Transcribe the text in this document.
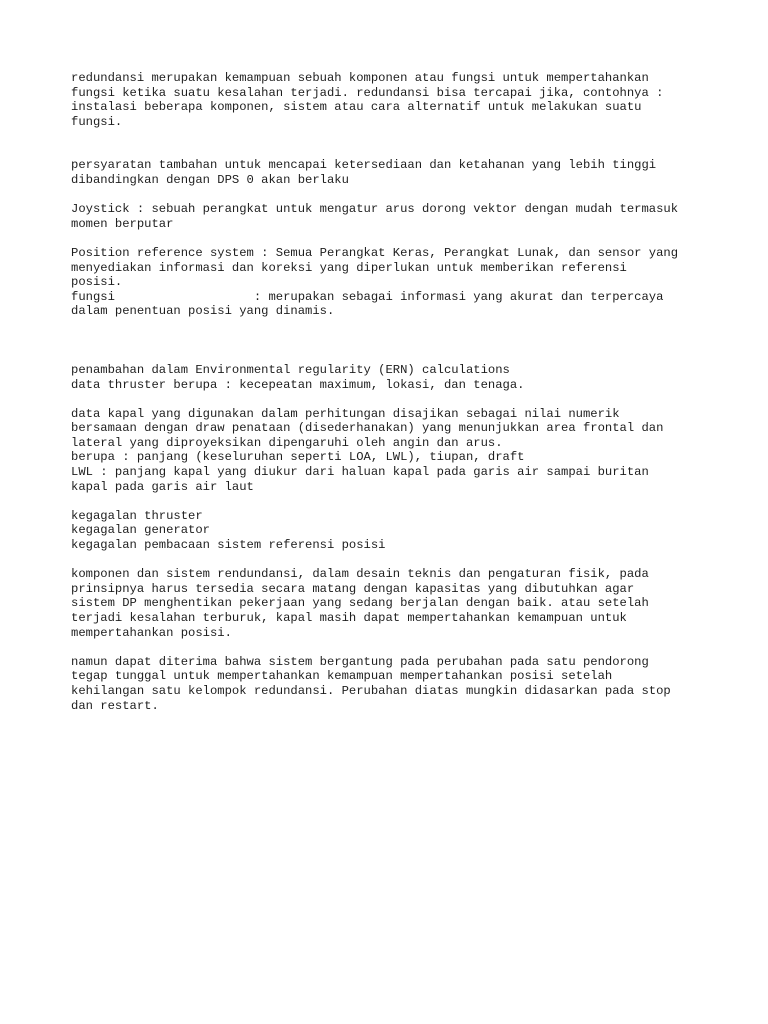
redundansi merupakan kemampuan sebuah komponen atau fungsi untuk mempertahankan
fungsi ketika suatu kesalahan terjadi. redundansi bisa tercapai jika, contohnya :
instalasi beberapa komponen, sistem atau cara alternatif untuk melakukan suatu
fungsi.

persyaratan tambahan untuk mencapai ketersediaan dan ketahanan yang lebih tinggi
dibandingkan dengan DPS 0 akan berlaku

Joystick : sebuah perangkat untuk mengatur arus dorong vektor dengan mudah termasuk
momen berputar

Position reference system : Semua Perangkat Keras, Perangkat Lunak, dan sensor yang
menyediakan informasi dan koreksi yang diperlukan untuk memberikan referensi
posisi.
fungsi                   : merupakan sebagai informasi yang akurat dan terpercaya
dalam penentuan posisi yang dinamis.

penambahan dalam Environmental regularity (ERN) calculations
data thruster berupa : kecepeatan maximum, lokasi, dan tenaga.

data kapal yang digunakan dalam perhitungan disajikan sebagai nilai numerik
bersamaan dengan draw penataan (disederhanakan) yang menunjukkan area frontal dan
lateral yang diproyeksikan dipengaruhi oleh angin dan arus.
berupa : panjang (keseluruhan seperti LOA, LWL), tiupan, draft
LWL : panjang kapal yang diukur dari haluan kapal pada garis air sampai buritan
kapal pada garis air laut

kegagalan thruster
kegagalan generator
kegagalan pembacaan sistem referensi posisi

komponen dan sistem rendundansi, dalam desain teknis dan pengaturan fisik, pada
prinsipnya harus tersedia secara matang dengan kapasitas yang dibutuhkan agar
sistem DP menghentikan pekerjaan yang sedang berjalan dengan baik. atau setelah
terjadi kesalahan terburuk, kapal masih dapat mempertahankan kemampuan untuk
mempertahankan posisi.

namun dapat diterima bahwa sistem bergantung pada perubahan pada satu pendorong
tegap tunggal untuk mempertahankan kemampuan mempertahankan posisi setelah
kehilangan satu kelompok redundansi. Perubahan diatas mungkin didasarkan pada stop
dan restart.
